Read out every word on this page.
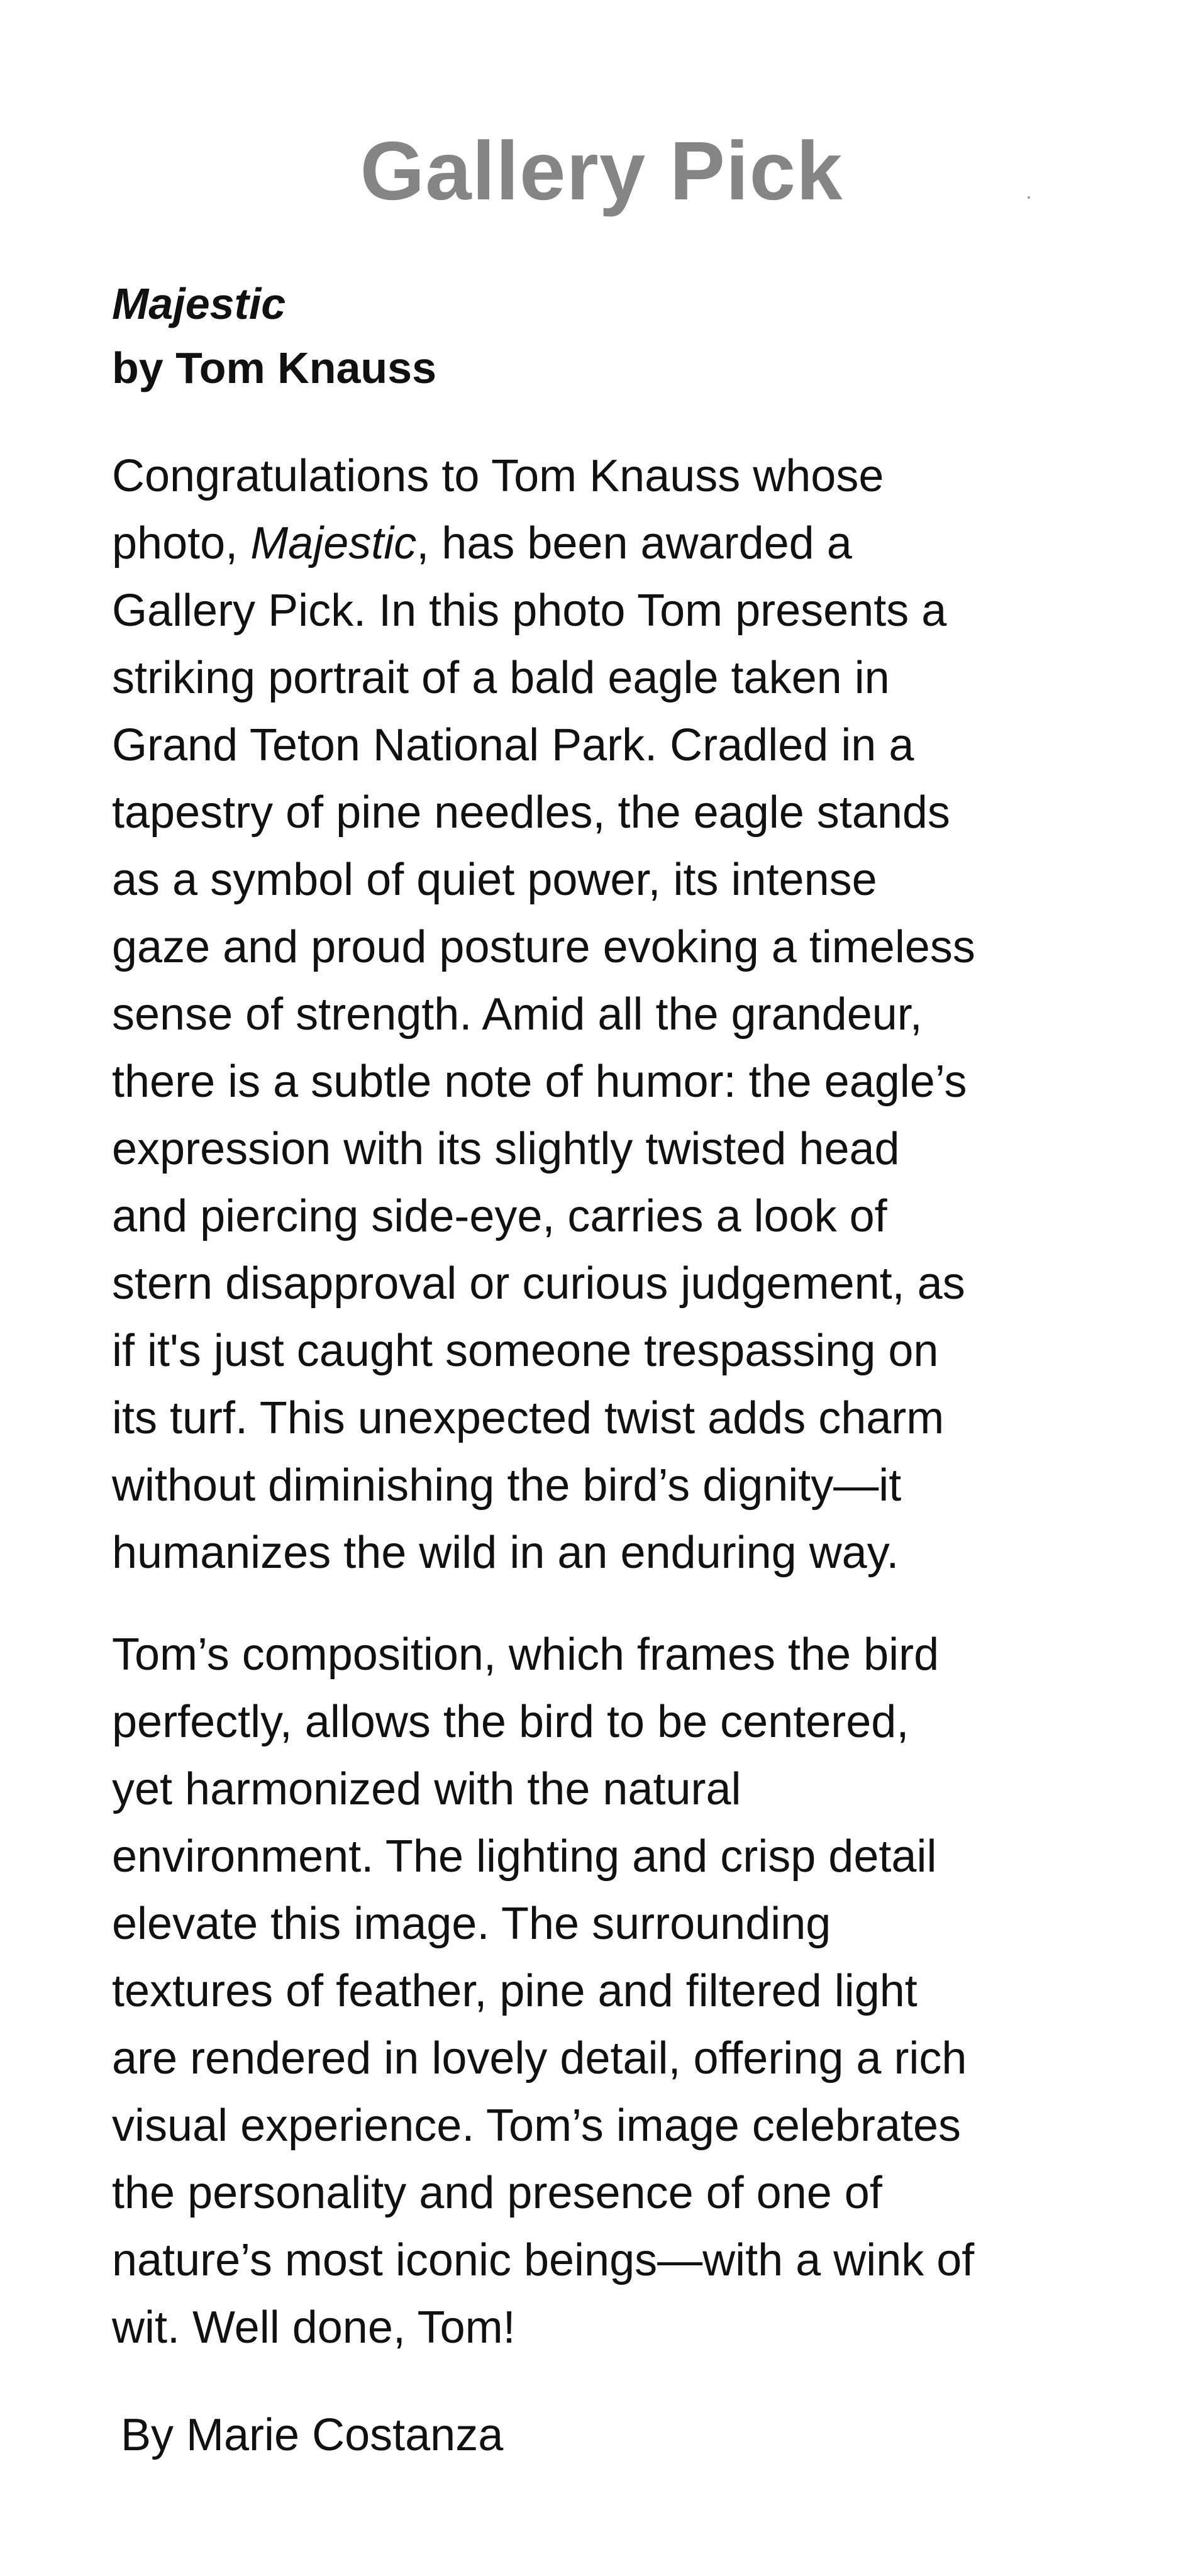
Gallery Pick

Majestic

by Tom Knauss

Congratulations to Tom Knauss whose
photo, Majestic, has been awarded a
Gallery Pick. In this photo Tom presents a
striking portrait of a bald eagle taken in
Grand Teton National Park. Cradled in a
tapestry of pine needles, the eagle stands
as a symbol of quiet power, its intense
gaze and proud posture evoking a timeless
sense of strength. Amid all the grandeur,
there is a subtle note of humor: the eagle’s
expression with its slightly twisted head
and piercing side-eye, carries a look of
stern disapproval or curious judgement, as
if it's just caught someone trespassing on
its turf. This unexpected twist adds charm
without diminishing the bird’s dignity—it
humanizes the wild in an enduring way.
Tom’s composition, which frames the bird
perfectly, allows the bird to be centered,
yet harmonized with the natural
environment. The lighting and crisp detail
elevate this image. The surrounding
textures of feather, pine and filtered light
are rendered in lovely detail, offering a rich
visual experience. Tom’s image celebrates
the personality and presence of one of
nature’s most iconic beings—with a wink of
wit. Well done, Tom!

By Marie Costanza
